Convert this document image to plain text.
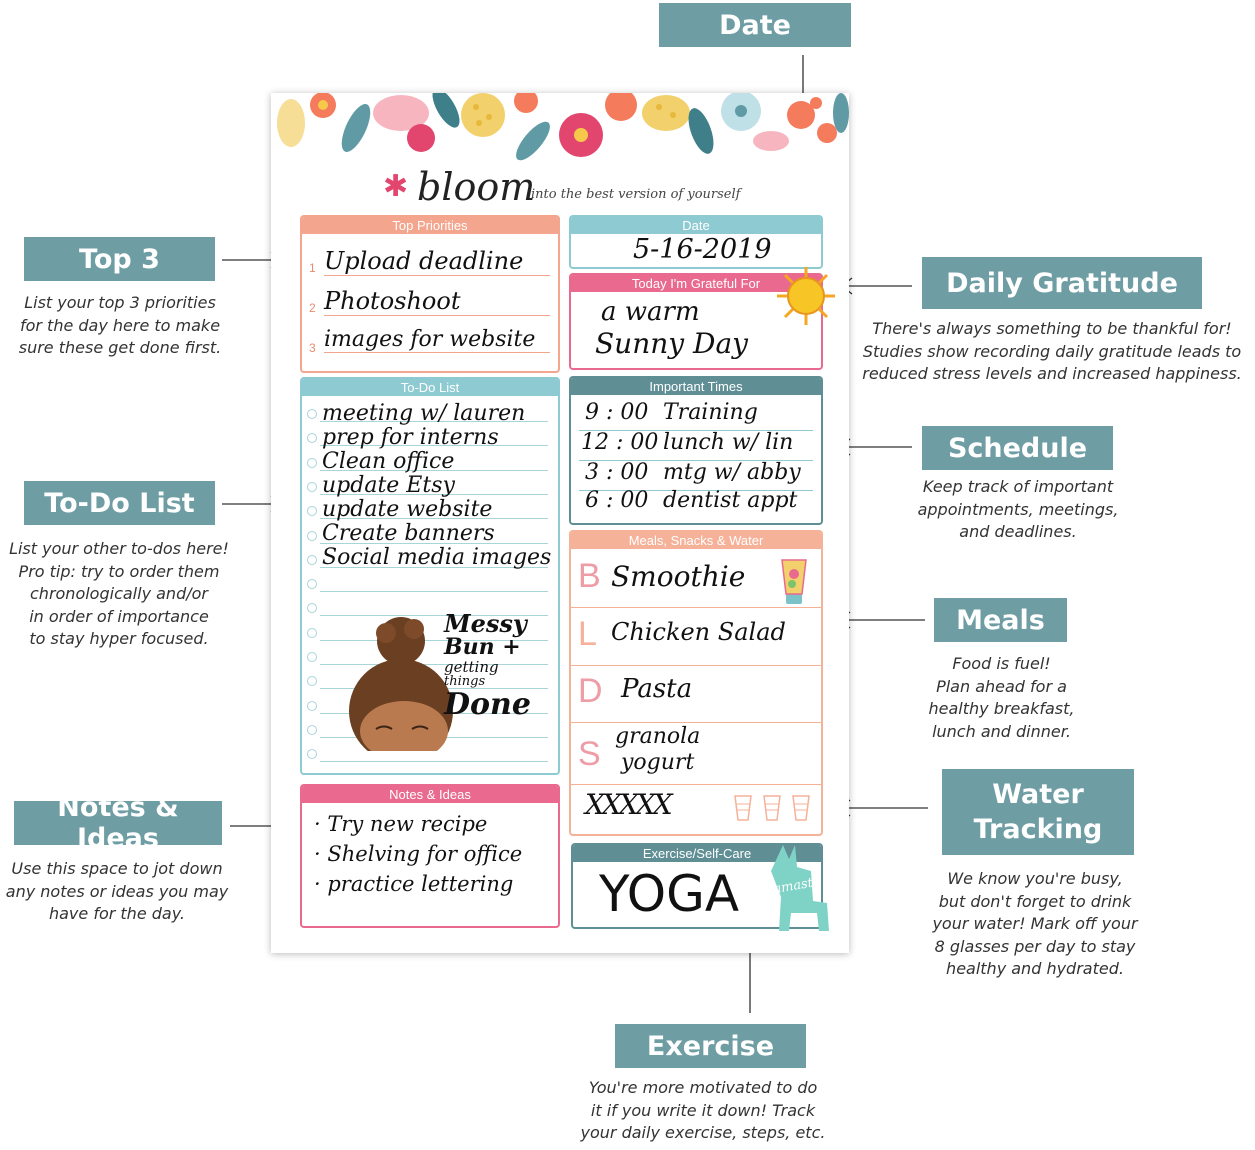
Date
Top 3
List your top 3 priorities
for the day here to make
sure these get done first.
Daily Gratitude
There's always something to be thankful for!
Studies show recording daily gratitude leads to
reduced stress levels and increased happiness.
To-Do List
List your other to-dos here!
Pro tip: try to order them
chronologically and/or
in order of importance
to stay hyper focused.
Schedule
Keep track of important
appointments, meetings,
and deadlines.
Meals
Food is fuel!
Plan ahead for a
healthy breakfast,
lunch and dinner.
Notes & Ideas
Use this space to jot down
any notes or ideas you may
have for the day.
Water
Tracking
We know you're busy,
but don't forget to drink
your water! Mark off your
8 glasses per day to stay
healthy and hydrated.
Exercise
You're more motivated to do
it if you write it down! Track
your daily exercise, steps, etc.
✱ bloom
into the best version of yourself
Top Priorities
1 Upload deadline
2 Photoshoot
3 images for website
Date
5-16-2019
Today I'm Grateful For
a warm
Sunny Day
To-Do List
meeting w/ lauren
prep for interns
Clean office
update Etsy
update website
Create banners
Social media images
Messy
Bun +
getting
things
Done
Important Times
9 : 00 Training
12 : 00 lunch w/ lin
3 : 00 mtg w/ abby
6 : 00 dentist appt
Meals, Snacks & Water
B Smoothie
L Chicken Salad
D Pasta
S granola
yogurt
XXXXX
Notes & Ideas
· Try new recipe
· Shelving for office
· practice lettering
Exercise/Self-Care
YOGA llamaste
